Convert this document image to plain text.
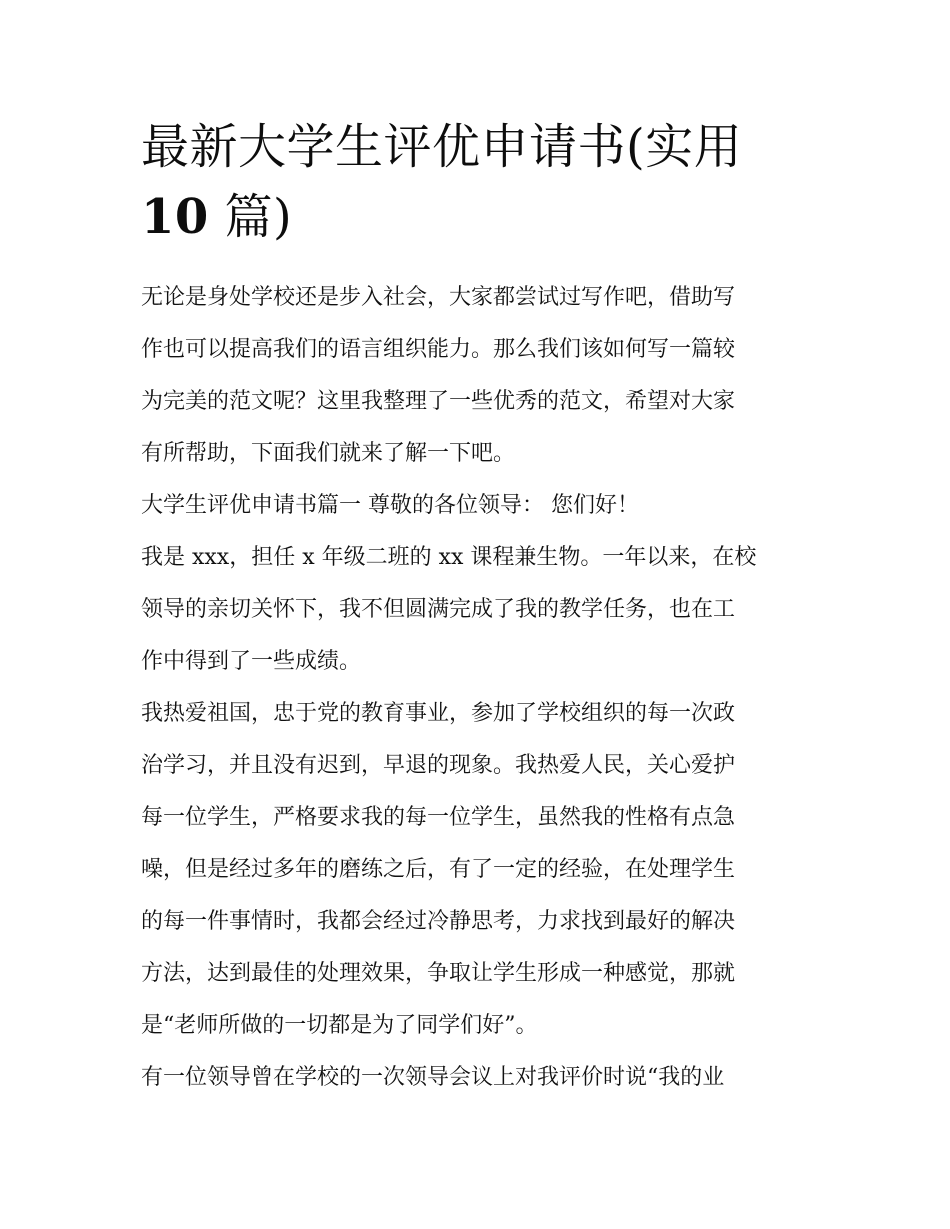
最新大学生评优申请书(实用
10 篇)
无论是身处学校还是步入社会，大家都尝试过写作吧，借助写
作也可以提高我们的语言组织能力。那么我们该如何写一篇较
为完美的范文呢？这里我整理了一些优秀的范文，希望对大家
有所帮助，下面我们就来了解一下吧。
大学生评优申请书篇一 尊敬的各位领导： 您们好！
我是 xxx，担任 x 年级二班的 xx 课程兼生物。一年以来，在校
领导的亲切关怀下，我不但圆满完成了我的教学任务，也在工
作中得到了一些成绩。
我热爱祖国，忠于党的教育事业，参加了学校组织的每一次政
治学习，并且没有迟到，早退的现象。我热爱人民，关心爱护
每一位学生，严格要求我的每一位学生，虽然我的性格有点急
噪，但是经过多年的磨练之后，有了一定的经验，在处理学生
的每一件事情时，我都会经过冷静思考，力求找到最好的解决
方法，达到最佳的处理效果，争取让学生形成一种感觉，那就
是“老师所做的一切都是为了同学们好”。
有一位领导曾在学校的一次领导会议上对我评价时说“我的业
